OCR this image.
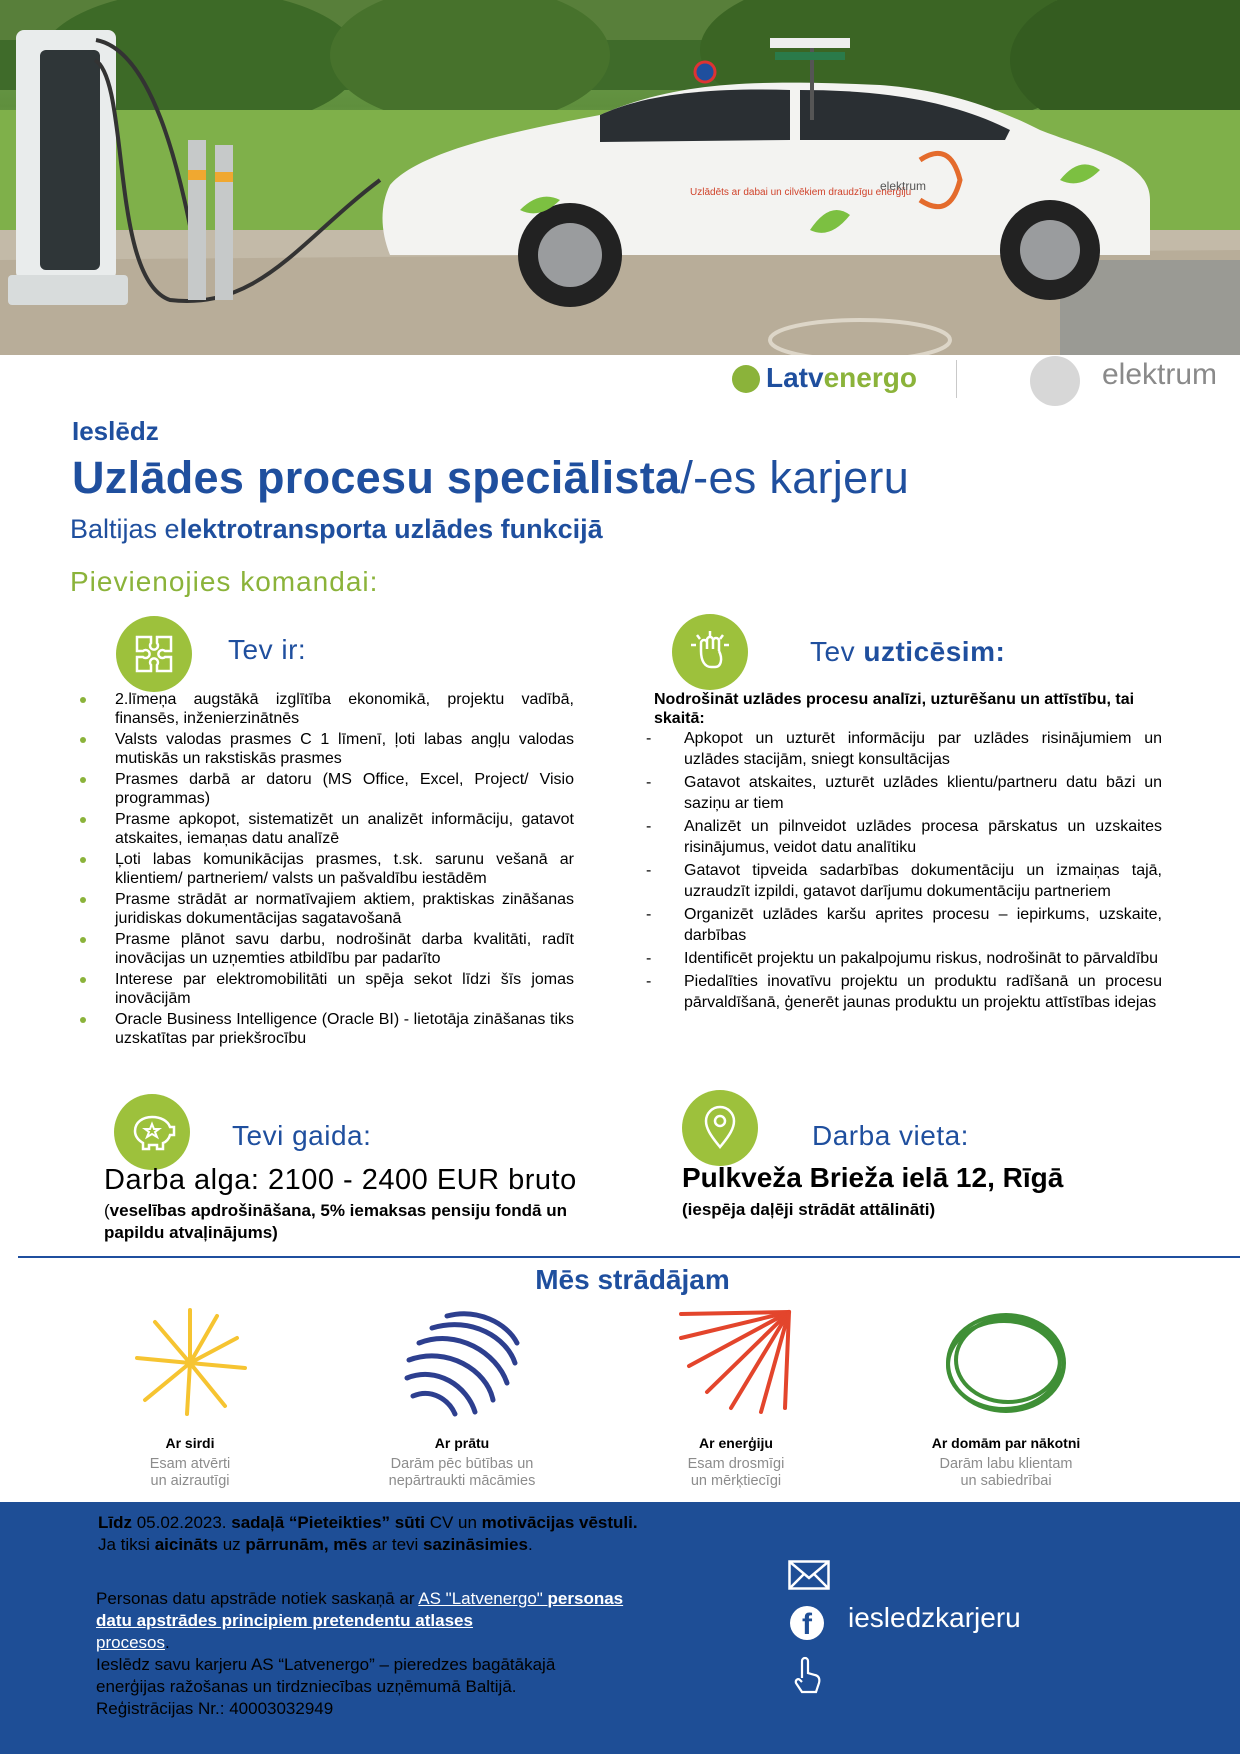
Uzlādēts ar dabai un cilvēkiem draudzīgu enerģiju
elektrum
Latvenergo	elektrum
Ieslēdz
Uzlādes procesu speciālista/-es karjeru
Baltijas elektrotransporta uzlādes funkcijā
Pievienojies komandai:
Tev ir:
2.līmeņa augstākā izglītība ekonomikā, projektu vadībā, finansēs, inženierzinātnēs
Valsts valodas prasmes C 1 līmenī, ļoti labas angļu valodas mutiskās un rakstiskās prasmes
Prasmes darbā ar datoru (MS Office, Excel, Project/ Visio programmas)
Prasme apkopot, sistematizēt un analizēt informāciju, gatavot atskaites, iemaņas datu analīzē
Ļoti labas komunikācijas prasmes, t.sk. sarunu vešanā ar klientiem/ partneriem/ valsts un pašvaldību iestādēm
Prasme strādāt ar normatīvajiem aktiem, praktiskas zināšanas juridiskas dokumentācijas sagatavošanā
Prasme plānot savu darbu, nodrošināt darba kvalitāti, radīt inovācijas un uzņemties atbildību par padarīto
Interese par elektromobilitāti un spēja sekot līdzi šīs jomas inovācijām
Oracle Business Intelligence (Oracle BI) - lietotāja zināšanas tiks uzskatītas par priekšrocību
Tev uzticēsim:
Nodrošināt uzlādes procesu analīzi, uzturēšanu un attīstību, tai skaitā:
- Apkopot un uzturēt informāciju par uzlādes risinājumiem un uzlādes stacijām, sniegt konsultācijas
- Gatavot atskaites, uzturēt uzlādes klientu/partneru datu bāzi un saziņu ar tiem
- Analizēt un pilnveidot uzlādes procesa pārskatus un uzskaites risinājumus, veidot datu analītiku
- Gatavot tipveida sadarbības dokumentāciju un izmaiņas tajā, uzraudzīt izpildi, gatavot darījumu dokumentāciju partneriem
- Organizēt uzlādes karšu aprites procesu – iepirkums, uzskaite, darbības
- Identificēt projektu un pakalpojumu riskus, nodrošināt to pārvaldību
- Piedalīties inovatīvu projektu un produktu radīšanā un procesu pārvaldīšanā, ģenerēt jaunas produktu un projektu attīstības idejas
Tevi gaida:
Darba alga: 2100 - 2400 EUR bruto
(veselības apdrošināšana, 5% iemaksas pensiju fondā un papildu atvaļinājums)
Darba vieta:
Pulkveža Brieža ielā 12, Rīgā
(iespēja daļēji strādāt attālināti)
Mēs strādājam
Ar sirdi
Esam atvērti
un aizrautīgi
Ar prātu
Darām pēc būtības un
nepārtraukti mācāmies
Ar enerģiju
Esam drosmīgi
un mērķtiecīgi
Ar domām par nākotni
Darām labu klientam
un sabiedrībai
Līdz 05.02.2023. sadaļā “Pieteikties” sūti CV un motivācijas vēstuli.
Ja tiksi aicināts uz pārrunām, mēs ar tevi sazināsimies.
Personas datu apstrāde notiek saskaņā ar AS "Latvenergo" personas datu apstrādes principiem pretendentu atlases
procesos.
Ieslēdz savu karjeru AS “Latvenergo” – pieredzes bagātākajā
enerģijas ražošanas un tirdzniecības uzņēmumā Baltijā.
Reģistrācijas Nr.: 40003032949
f iesledzkarjeru
